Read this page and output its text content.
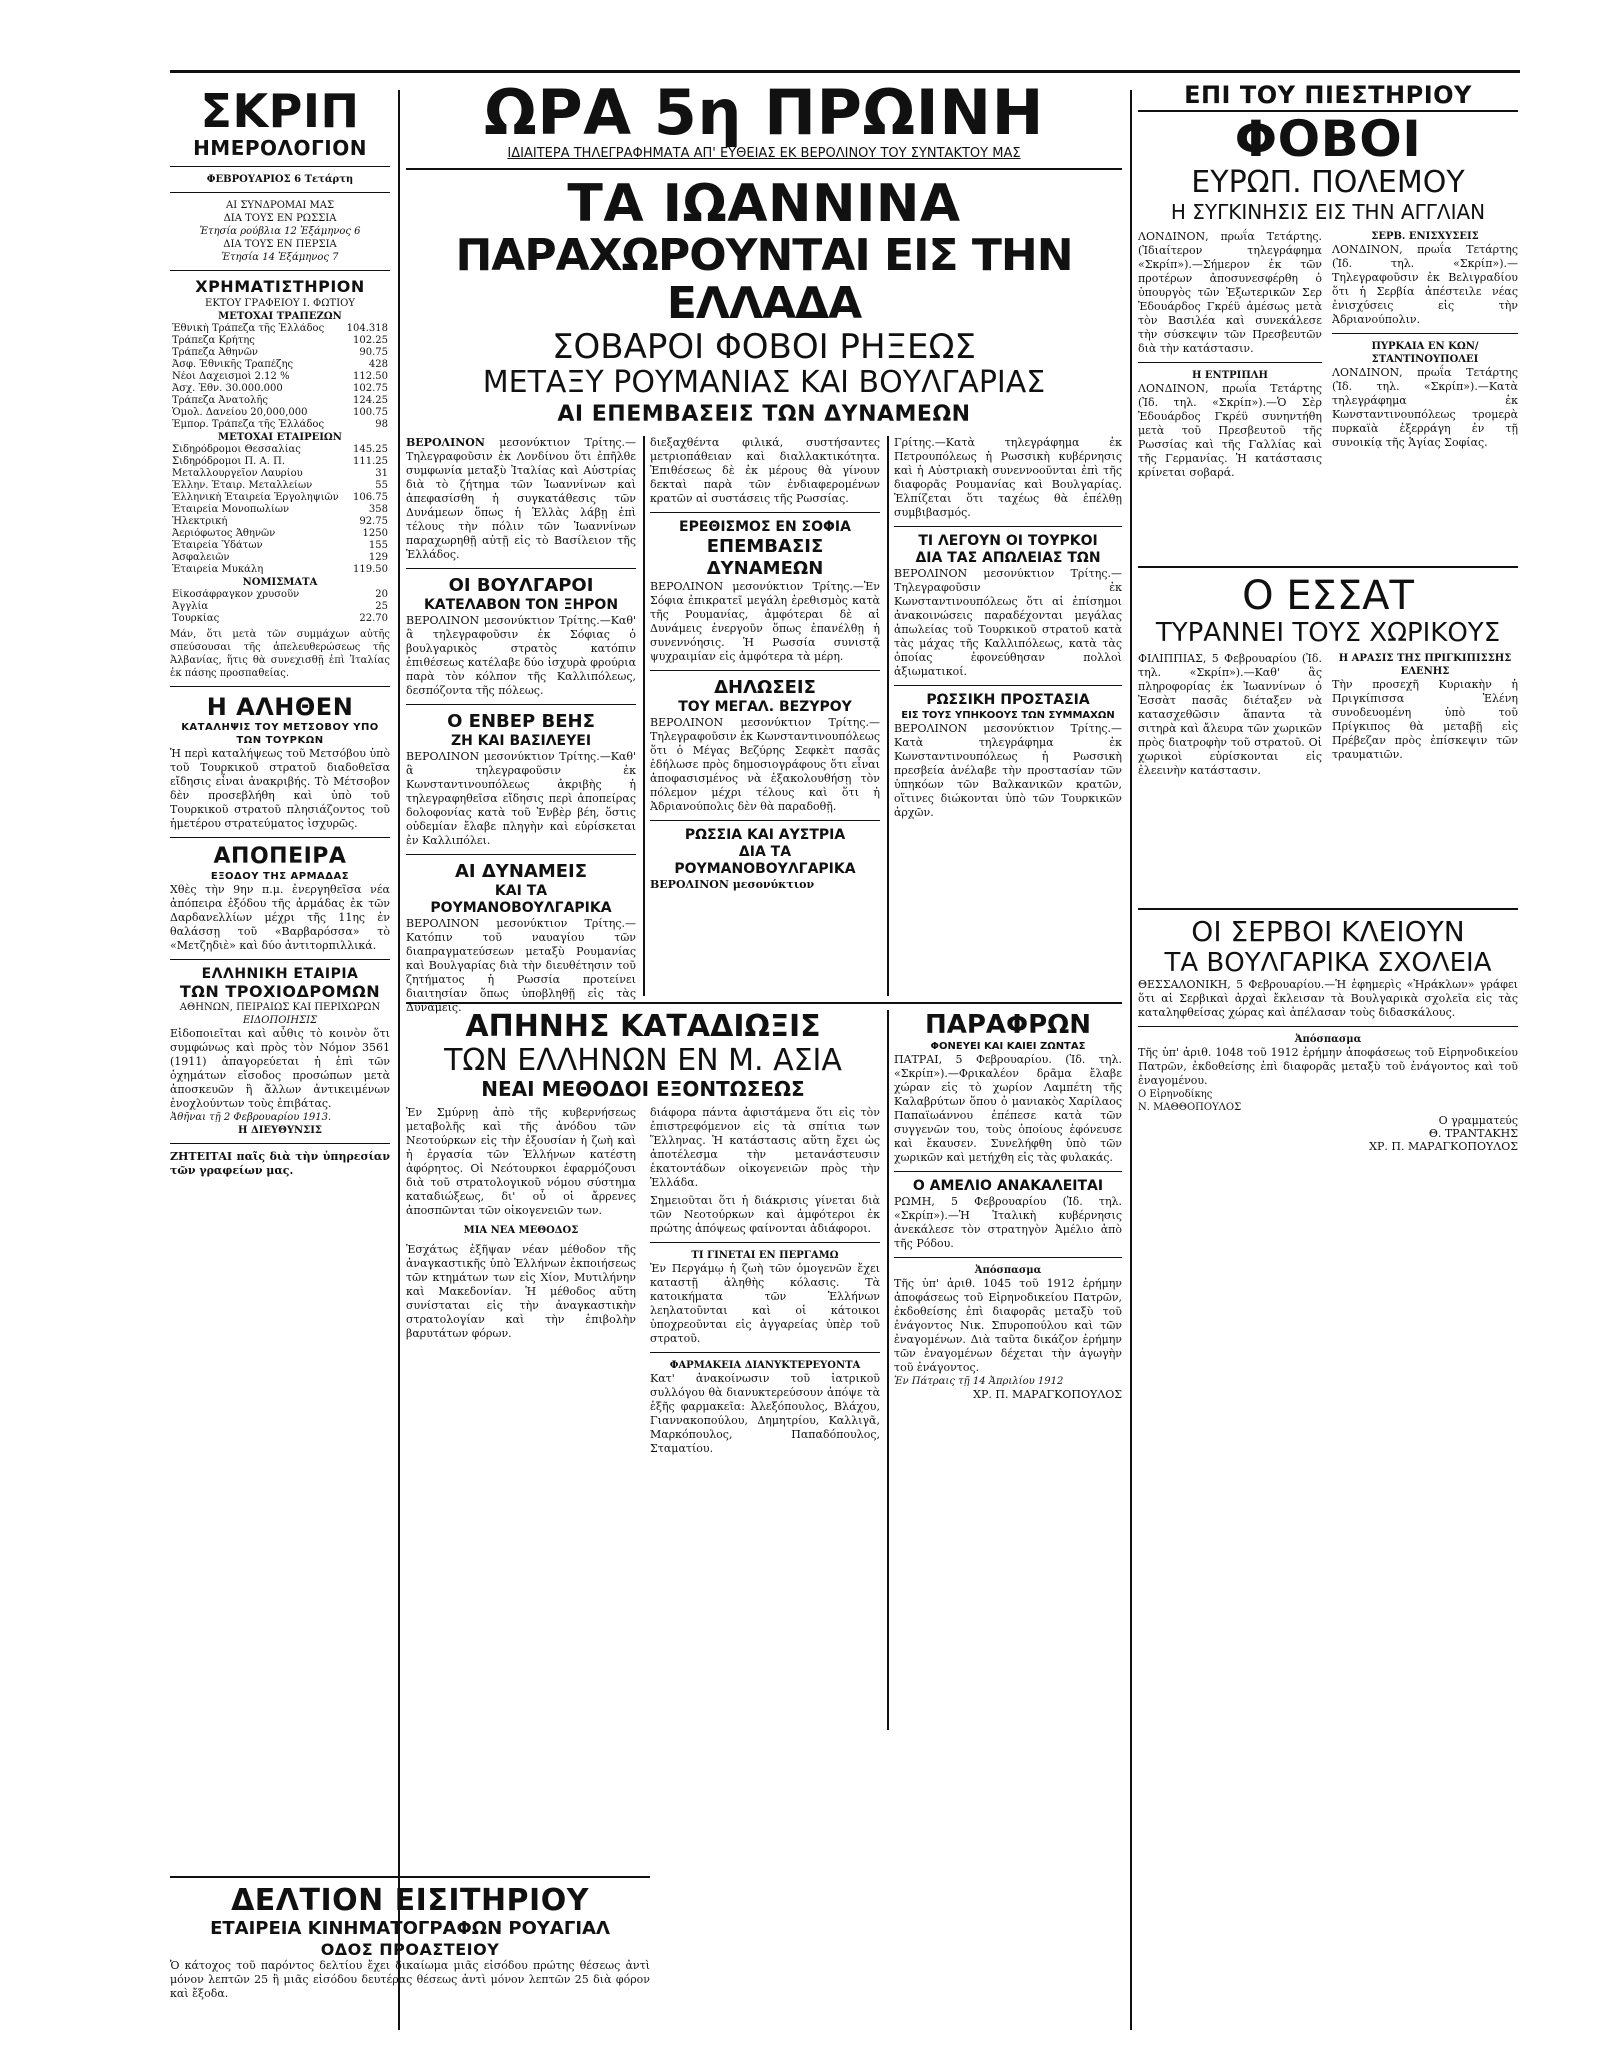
ΣΚΡΙΠ
ΗΜΕΡΟΛΟΓΙΟΝ
ΦΕΒΡΟΥΑΡΙΟΣ 6 Τετάρτη
ΑΙ ΣΥΝΔΡΟΜΑΙ ΜΑΣ
ΔΙΑ ΤΟΥΣ ΕΝ ΡΩΣΣΙΑ
Ἐτησία ρούβλια 12 Ἑξάμηνος 6
ΔΙΑ ΤΟΥΣ ΕΝ ΠΕΡΣΙΑ
Ἐτησία 14 Ἑξάμηνος 7
ΧΡΗΜΑΤΙΣΤΗΡΙΟΝ
ΕΚΤΟΥ ΓΡΑΦΕΙΟΥ Ι. ΦΩΤΙΟΥ
ΜΕΤΟΧΑΙ ΤΡΑΠΕΖΩΝ
Ἐθνικὴ Τράπεζα τῆς Ἑλλάδος	104.318
Τράπεζα Κρήτης	102.25
Τράπεζα Ἀθηνῶν	90.75
Ἀσφ. Ἐθνικῆς Τραπέζης	428
Νέοι Δαχεισμοὶ 2.12 %	112.50
Ἀσχ. Ἐθν. 30.000.000	102.75
Τράπεζα Ἀνατολῆς	124.25
Ὁμολ. Δανείου 20,000,000	100.75
Ἐμπορ. Τράπεζα τῆς Ἑλλάδος	98
ΜΕΤΟΧΑΙ ΕΤΑΙΡΕΙΩΝ
Σιδηρόδρομοι Θεσσαλίας	145.25
Σιδηρόδρομοι Π. Α. Π.	111.25
Μεταλλουργεῖον Λαυρίου	31
Ἐλλην. Ἑταιρ. Μεταλλείων	55
Ἑλληνικὴ Ἑταιρεία Ἐργοληψιῶν	106.75
Ἑταιρεία Μονοπωλίων	358
Ἠλεκτρική	92.75
Ἀεριόφωτος Ἀθηνῶν	1250
Ἑταιρεία Ὑδάτων	155
Ἀσφαλειῶν	129
Ἑταιρεία Μυκάλη	119.50
ΝΟΜΙΣΜΑΤΑ
Εἰκοσάφραγκον χρυσοῦν	20
Ἀγγλία	25
Τουρκίας	22.70
Μάν, ὅτι μετὰ τῶν συμμάχων αὐτῆς σπεύσουσαι τῆς ἀπελευθερώσεως τῆς Ἀλβανίας, ἥτις θὰ συνεχισθῇ ἐπὶ Ἰταλίας ἐκ πάσης προσπαθείας.
Η ΑΛΗΘΕΝ
ΚΑΤΑΛΗΨΙΣ ΤΟΥ ΜΕΤΣΟΒΟΥ ΥΠΟ ΤΩΝ ΤΟΥΡΚΩΝ
Ἡ περὶ καταλήψεως τοῦ Μετσόβου ὑπὸ τοῦ Τουρκικοῦ στρατοῦ διαδοθεῖσα εἴδησις εἶναι ἀνακριβής. Τὸ Μέτσοβον δὲν προσεβλήθη καὶ ὑπὸ τοῦ Τουρκικοῦ στρατοῦ πλησιάζοντος τοῦ ἡμετέρου στρατεύματος ἰσχυρῶς.
ΑΠΟΠΕΙΡΑ
ΕΞΟΔΟΥ ΤΗΣ ΑΡΜΑΔΑΣ
Χθὲς τὴν 9ην π.μ. ἐνεργηθεῖσα νέα ἀπόπειρα ἐξόδου τῆς ἀρμάδας ἐκ τῶν Δαρδανελλίων μέχρι τῆς 11ης ἐν θαλάσσῃ τοῦ «Βαρβαρόσσα» τὸ «Μετζηδιὲ» καὶ δύο ἀντιτορπιλλικά.
ΕΛΛΗΝΙΚΗ ΕΤΑΙΡΙΑ
ΤΩΝ ΤΡΟΧΙΟΔΡΟΜΩΝ
ΑΘΗΝΩΝ, ΠΕΙΡΑΙΩΣ ΚΑΙ ΠΕΡΙΧΩΡΩΝ
ΕΙΔΟΠΟΙΗΣΙΣ
Εἰδοποιεῖται καὶ αὖθις τὸ κοινὸν ὅτι συμφώνως καὶ πρὸς τὸν Νόμον 3561 (1911) ἀπαγορεύεται ἡ ἐπὶ τῶν ὀχημάτων εἴσοδος προσώπων μετὰ ἀποσκευῶν ἢ ἄλλων ἀντικειμένων ἐνοχλούντων τοὺς ἐπιβάτας.
Ἀθῆναι τῇ 2 Φεβρουαρίου 1913.
Η ΔΙΕΥΘΥΝΣΙΣ
ΖΗΤΕΙΤΑΙ παῖς διὰ τὴν ὑπηρεσίαν τῶν γραφείων μας.
ΩΡΑ 5η ΠΡΩΙΝΗ
ΙΔΙΑΙΤΕΡΑ ΤΗΛΕΓΡΑΦΗΜΑΤΑ ΑΠ' ΕΥΘΕΙΑΣ ΕΚ ΒΕΡΟΛΙΝΟΥ ΤΟΥ ΣΥΝΤΑΚΤΟΥ ΜΑΣ
ΤΑ ΙΩΑΝΝΙΝΑ
ΠΑΡΑΧΩΡΟΥΝΤΑΙ ΕΙΣ ΤΗΝ ΕΛΛΑΔΑ
ΣΟΒΑΡΟΙ ΦΟΒΟΙ ΡΗΞΕΩΣ
ΜΕΤΑΞΥ ΡΟΥΜΑΝΙΑΣ ΚΑΙ ΒΟΥΛΓΑΡΙΑΣ
ΑΙ ΕΠΕΜΒΑΣΕΙΣ ΤΩΝ ΔΥΝΑΜΕΩΝ
ΒΕΡΟΛΙΝΟΝ μεσονύκτιον Τρίτης.— Τηλεγραφοῦσιν ἐκ Λονδίνου ὅτι ἐπῆλθε συμφωνία μεταξὺ Ἰταλίας καὶ Αὐστρίας διὰ τὸ ζήτημα τῶν Ἰωαννίνων καὶ ἀπεφασίσθη ἡ συγκατάθεσις τῶν Δυνάμεων ὅπως ἡ Ἑλλὰς λάβῃ ἐπὶ τέλους τὴν πόλιν τῶν Ἰωαννίνων παραχωρηθῇ αὐτῇ εἰς τὸ Βασίλειον τῆς Ἑλλάδος.
ΟΙ ΒΟΥΛΓΑΡΟΙ
ΚΑΤΕΛΑΒΟΝ ΤΟΝ ΞΗΡΟΝ
ΒΕΡΟΛΙΝΟΝ μεσονύκτιον Τρίτης.—Καθ' ἃ τηλεγραφοῦσιν ἐκ Σόφιας ὁ βουλγαρικὸς στρατὸς κατόπιν ἐπιθέσεως κατέλαβε δύο ἰσχυρὰ φρούρια παρὰ τὸν κόλπον τῆς Καλλιπόλεως, δεσπόζοντα τῆς πόλεως.
Ο ΕΝΒΕΡ ΒΕΗΣ
ΖΗ ΚΑΙ ΒΑΣΙΛΕΥΕΙ
ΒΕΡΟΛΙΝΟΝ μεσονύκτιον Τρίτης.—Καθ' ἃ τηλεγραφοῦσιν ἐκ Κωνσταντινουπόλεως ἀκριβὴς ἡ τηλεγραφηθεῖσα εἴδησις περὶ ἀποπείρας δολοφονίας κατὰ τοῦ Ἐνβὲρ βέη, ὅστις οὐδεμίαν ἔλαβε πληγὴν καὶ εὑρίσκεται ἐν Καλλιπόλει.
ΑΙ ΔΥΝΑΜΕΙΣ
ΚΑΙ ΤΑ ΡΟΥΜΑΝΟΒΟΥΛΓΑΡΙΚΑ
ΒΕΡΟΛΙΝΟΝ μεσονύκτιον Τρίτης.— Κατόπιν τοῦ ναυαγίου τῶν διαπραγματεύσεων μεταξὺ Ρουμανίας καὶ Βουλγαρίας διὰ τὴν διευθέτησιν τοῦ ζητήματος ἡ Ρωσσία προτείνει διαιτησίαν ὅπως ὑποβληθῇ εἰς τὰς Δυνάμεις.
διεξαχθέντα φιλικά, συστήσαντες μετριοπάθειαν καὶ διαλλακτικότητα. Ἐπιθέσεως δὲ ἐκ μέρους θὰ γίνουν δεκταὶ παρὰ τῶν ἐνδιαφερομένων κρατῶν αἱ συστάσεις τῆς Ρωσσίας.
ΕΡΕΘΙΣΜΟΣ ΕΝ ΣΟΦΙΑ
ΕΠΕΜΒΑΣΙΣ ΔΥΝΑΜΕΩΝ
ΒΕΡΟΛΙΝΟΝ μεσονύκτιον Τρίτης.—Ἐν Σόφια ἐπικρατεῖ μεγάλη ἐρεθισμὸς κατὰ τῆς Ρουμανίας, ἀμφότεραι δὲ αἱ Δυνάμεις ἐνεργοῦν ὅπως ἐπανέλθῃ ἡ συνεννόησις. Ἡ Ρωσσία συνιστᾷ ψυχραιμίαν εἰς ἀμφότερα τὰ μέρη.
ΔΗΛΩΣΕΙΣ
ΤΟΥ ΜΕΓΑΛ. ΒΕΖΥΡΟΥ
ΒΕΡΟΛΙΝΟΝ μεσονύκτιον Τρίτης.—Τηλεγραφοῦσιν ἐκ Κωνσταντινουπόλεως ὅτι ὁ Μέγας Βεζύρης Σεφκὲτ πασᾶς ἐδήλωσε πρὸς δημοσιογράφους ὅτι εἶναι ἀποφασισμένος νὰ ἐξακολουθήσῃ τὸν πόλεμον μέχρι τέλους καὶ ὅτι ἡ Ἀδριανούπολις δὲν θὰ παραδοθῇ.
ΡΩΣΣΙΑ ΚΑΙ ΑΥΣΤΡΙΑ
ΔΙΑ ΤΑ ΡΟΥΜΑΝΟΒΟΥΛΓΑΡΙΚΑ
ΒΕΡΟΛΙΝΟΝ μεσονύκτιον
Γρίτης.—Κατὰ τηλεγράφημα ἐκ Πετρουπόλεως ἡ Ρωσσικὴ κυβέρνησις καὶ ἡ Αὐστριακὴ συνεννοοῦνται ἐπὶ τῆς διαφορᾶς Ρουμανίας καὶ Βουλγαρίας. Ἐλπίζεται ὅτι ταχέως θὰ ἐπέλθῃ συμβιβασμός.
ΤΙ ΛΕΓΟΥΝ ΟΙ ΤΟΥΡΚΟΙ
ΔΙΑ ΤΑΣ ΑΠΩΛΕΙΑΣ ΤΩΝ
ΒΕΡΟΛΙΝΟΝ μεσονύκτιον Τρίτης.— Τηλεγραφοῦσιν ἐκ Κωνσταντινουπόλεως ὅτι αἱ ἐπίσημοι ἀνακοινώσεις παραδέχονται μεγάλας ἀπωλείας τοῦ Τουρκικοῦ στρατοῦ κατὰ τὰς μάχας τῆς Καλλιπόλεως, κατὰ τὰς ὁποίας ἐφονεύθησαν πολλοὶ ἀξιωματικοί.
ΡΩΣΣΙΚΗ ΠΡΟΣΤΑΣΙΑ
ΕΙΣ ΤΟΥΣ ΥΠΗΚΟΟΥΣ ΤΩΝ ΣΥΜΜΑΧΩΝ
ΒΕΡΟΛΙΝΟΝ μεσονύκτιον Τρίτης.—Κατὰ τηλεγράφημα ἐκ Κωνσταντινουπόλεως ἡ Ρωσσικὴ πρεσβεία ἀνέλαβε τὴν προστασίαν τῶν ὑπηκόων τῶν Βαλκανικῶν κρατῶν, οἵτινες διώκονται ὑπὸ τῶν Τουρκικῶν ἀρχῶν.
ΑΠΗΝΗΣ ΚΑΤΑΔΙΩΞΙΣ
ΤΩΝ ΕΛΛΗΝΩΝ ΕΝ Μ. ΑΣΙΑ
ΝΕΑΙ ΜΕΘΟΔΟΙ ΕΞΟΝΤΩΣΕΩΣ
Ἐν Σμύρνῃ ἀπὸ τῆς κυβερνήσεως μεταβολῆς καὶ τῆς ἀνόδου τῶν Νεοτούρκων εἰς τὴν ἐξουσίαν ἡ ζωὴ καὶ ἡ ἐργασία τῶν Ἑλλήνων κατέστη ἀφόρητος. Οἱ Νεότουρκοι ἐφαρμόζουσι διὰ τοῦ στρατολογικοῦ νόμου σύστημα καταδιώξεως, δι' οὗ οἱ ἄρρενες ἀποσπῶνται τῶν οἰκογενειῶν των.
ΜΙΑ ΝΕΑ ΜΕΘΟΔΟΣ
Ἐσχάτως ἐξῆψαν νέαν μέθοδον τῆς ἀναγκαστικῆς ὑπὸ Ἑλλήνων ἐκποιήσεως τῶν κτημάτων των εἰς Χίον, Μυτιλήνην καὶ Μακεδονίαν. Ἡ μέθοδος αὕτη συνίσταται εἰς τὴν ἀναγκαστικὴν στρατολογίαν καὶ τὴν ἐπιβολὴν βαρυτάτων φόρων.
διάφορα πάντα ἀφιστάμενα ὅτι εἰς τὸν ἐπιστρεφόμενον εἰς τὰ σπίτια των Ἕλληνας. Ἡ κατάστασις αὕτη ἔχει ὡς ἀποτέλεσμα τὴν μετανάστευσιν ἑκατοντάδων οἰκογενειῶν πρὸς τὴν Ἑλλάδα.
Σημειοῦται ὅτι ἡ διάκρισις γίνεται διὰ τῶν Νεοτούρκων καὶ ἀμφότεροι ἐκ πρώτης ἀπόψεως φαίνονται ἀδιάφοροι.
ΤΙ ΓΙΝΕΤΑΙ ΕΝ ΠΕΡΓΑΜΩ
Ἐν Περγάμῳ ἡ ζωὴ τῶν ὁμογενῶν ἔχει καταστῇ ἀληθὴς κόλασις. Τὰ κατοικήματα τῶν Ἑλλήνων λεηλατοῦνται καὶ οἱ κάτοικοι ὑποχρεοῦνται εἰς ἀγγαρείας ὑπὲρ τοῦ στρατοῦ.
ΦΑΡΜΑΚΕΙΑ ΔΙΑΝΥΚΤΕΡΕΥΟΝΤΑ
Κατ' ἀνακοίνωσιν τοῦ ἰατρικοῦ συλλόγου θὰ διανυκτερεύσουν ἀπόψε τὰ ἑξῆς φαρμακεῖα: Ἀλεξόπουλος, Βλάχου, Γιαννακοπούλου, Δημητρίου, Καλλιγᾶ, Μαρκόπουλος, Παπαδόπουλος, Σταματίου.
ΠΑΡΑΦΡΩΝ
ΦΟΝΕΥΕΙ ΚΑΙ ΚΑΙΕΙ ΖΩΝΤΑΣ
ΠΑΤΡΑΙ, 5 Φεβρουαρίου. (Ἰδ. τηλ. «Σκρίπ»).—Φρικαλέον δρᾶμα ἔλαβε χώραν εἰς τὸ χωρίον Λαμπέτη τῆς Καλαβρύτων ὅπου ὁ μανιακὸς Χαρίλαος Παπαϊωάννου ἐπέπεσε κατὰ τῶν συγγενῶν του, τοὺς ὁποίους ἐφόνευσε καὶ ἔκαυσεν. Συνελήφθη ὑπὸ τῶν χωρικῶν καὶ μετήχθη εἰς τὰς φυλακάς.
Ο ΑΜΕΛΙΟ ΑΝΑΚΑΛΕΙΤΑΙ
ΡΩΜΗ, 5 Φεβρουαρίου (Ἰδ. τηλ. «Σκρίπ»).—Ἡ Ἰταλικὴ κυβέρνησις ἀνεκάλεσε τὸν στρατηγὸν Ἀμέλιο ἀπὸ τῆς Ρόδου.
Ἀπόσπασμα
Τῆς ὑπ' ἀριθ. 1045 τοῦ 1912 ἐρήμην ἀποφάσεως τοῦ Εἰρηνοδικείου Πατρῶν, ἐκδοθείσης ἐπὶ διαφορᾶς μεταξὺ τοῦ ἐνάγοντος Νικ. Σπυροπούλου καὶ τῶν ἐναγομένων. Διὰ ταῦτα δικάζον ἐρήμην τῶν ἐναγομένων δέχεται τὴν ἀγωγὴν τοῦ ἐνάγοντος.
Ἐν Πάτραις τῇ 14 Ἀπριλίου 1912
ΧΡ. Π. ΜΑΡΑΓΚΟΠΟΥΛΟΣ
ΔΕΛΤΙΟΝ ΕΙΣΙΤΗΡΙΟΥ
ΕΤΑΙΡΕΙΑ ΚΙΝΗΜΑΤΟΓΡΑΦΩΝ ΡΟΥΑΓΙΑΛ
ΟΔΟΣ ΠΡΟΑΣΤΕΙΟΥ
Ὁ κάτοχος τοῦ παρόντος δελτίου ἔχει δικαίωμα μιᾶς εἰσόδου πρώτης θέσεως ἀντὶ μόνον λεπτῶν 25 ἢ μιᾶς εἰσόδου δευτέρας θέσεως ἀντὶ μόνον λεπτῶν 25 διὰ φόρον καὶ ἔξοδα.
ΕΠΙ ΤΟΥ ΠΙΕΣΤΗΡΙΟΥ
ΦΟΒΟΙ
ΕΥΡΩΠ. ΠΟΛΕΜΟΥ
Η ΣΥΓΚΙΝΗΣΙΣ ΕΙΣ ΤΗΝ ΑΓΓΛΙΑΝ
ΛΟΝΔΙΝΟΝ, πρωΐα Τετάρτης. (Ἰδιαίτερον τηλεγράφημα «Σκρίπ»).—Σήμερον ἐκ τῶν προτέρων ἀποσυνεσφέρθη ὁ ὑπουργὸς τῶν Ἐξωτερικῶν Σερ Ἐδουάρδος Γκρέϋ ἀμέσως μετὰ τὸν Βασιλέα καὶ συνεκάλεσε τὴν σύσκεψιν τῶν Πρεσβευτῶν διὰ τὴν κατάστασιν.
Η ΕΝΤΡΙΠΛΗ
ΛΟΝΔΙΝΟΝ, πρωΐα Τετάρτης (Ἰδ. τηλ. «Σκρίπ»).—Ὁ Σὲρ Ἐδουάρδος Γκρέϋ συνηντήθη μετὰ τοῦ Πρεσβευτοῦ τῆς Ρωσσίας καὶ τῆς Γαλλίας καὶ τῆς Γερμανίας. Ἡ κατάστασις κρίνεται σοβαρά.
ΣΕΡΒ. ΕΝΙΣΧΥΣΕΙΣ
ΛΟΝΔΙΝΟΝ, πρωΐα Τετάρτης (Ἰδ. τηλ. «Σκρίπ»).—Τηλεγραφοῦσιν ἐκ Βελιγραδίου ὅτι ἡ Σερβία ἀπέστειλε νέας ἐνισχύσεις εἰς τὴν Ἀδριανούπολιν.
ΠΥΡΚΑΙΑ ΕΝ ΚΩΝ/ΣΤΑΝΤΙΝΟΥΠΟΛΕΙ
ΛΟΝΔΙΝΟΝ, πρωΐα Τετάρτης (Ἰδ. τηλ. «Σκρίπ»).—Κατὰ τηλεγράφημα ἐκ Κωνσταντινουπόλεως τρομερὰ πυρκαϊὰ ἐξερράγη ἐν τῇ συνοικίᾳ τῆς Ἁγίας Σοφίας.
Ο ΕΣΣΑΤ
ΤΥΡΑΝΝΕΙ ΤΟΥΣ ΧΩΡΙΚΟΥΣ
ΦΙΛΙΠΠΙΑΣ, 5 Φεβρουαρίου (Ἰδ. τηλ. «Σκρίπ»).—Καθ' ἃς πληροφορίας ἐκ Ἰωαννίνων ὁ Ἐσσὰτ πασᾶς διέταξεν νὰ κατασχεθῶσιν ἅπαντα τὰ σιτηρὰ καὶ ἄλευρα τῶν χωρικῶν πρὸς διατροφὴν τοῦ στρατοῦ. Οἱ χωρικοὶ εὑρίσκονται εἰς ἐλεεινὴν κατάστασιν.
Η ΑΡΑΣΙΣ ΤΗΣ ΠΡΙΓΚΙΠΙΣΣΗΣ ΕΛΕΝΗΣ
Τὴν προσεχῆ Κυριακὴν ἡ Πριγκίπισσα Ἑλένη συνοδευομένη ὑπὸ τοῦ Πρίγκιπος θὰ μεταβῇ εἰς Πρέβεζαν πρὸς ἐπίσκεψιν τῶν τραυματιῶν.
ΟΙ ΣΕΡΒΟΙ ΚΛΕΙΟΥΝ
ΤΑ ΒΟΥΛΓΑΡΙΚΑ ΣΧΟΛΕΙΑ
ΘΕΣΣΑΛΟΝΙΚΗ, 5 Φεβρουαρίου.—Ἡ ἐφημερὶς «Ἠράκλων» γράφει ὅτι αἱ Σερβικαὶ ἀρχαὶ ἔκλεισαν τὰ Βουλγαρικὰ σχολεῖα εἰς τὰς καταληφθείσας χώρας καὶ ἀπέλασαν τοὺς διδασκάλους.
Ἀπόσπασμα
Τῆς ὑπ' ἀριθ. 1048 τοῦ 1912 ἐρήμην ἀποφάσεως τοῦ Εἰρηνοδικείου Πατρῶν, ἐκδοθείσης ἐπὶ διαφορᾶς μεταξὺ τοῦ ἐνάγοντος καὶ τοῦ ἐναγομένου.
Ο Εἰρηνοδίκης
Ν. ΜΑΘΘΟΠΟΥΛΟΣ
Ο γραμματεύς
Θ. ΤΡΑΝΤΑΚΗΣ
ΧΡ. Π. ΜΑΡΑΓΚΟΠΟΥΛΟΣ
